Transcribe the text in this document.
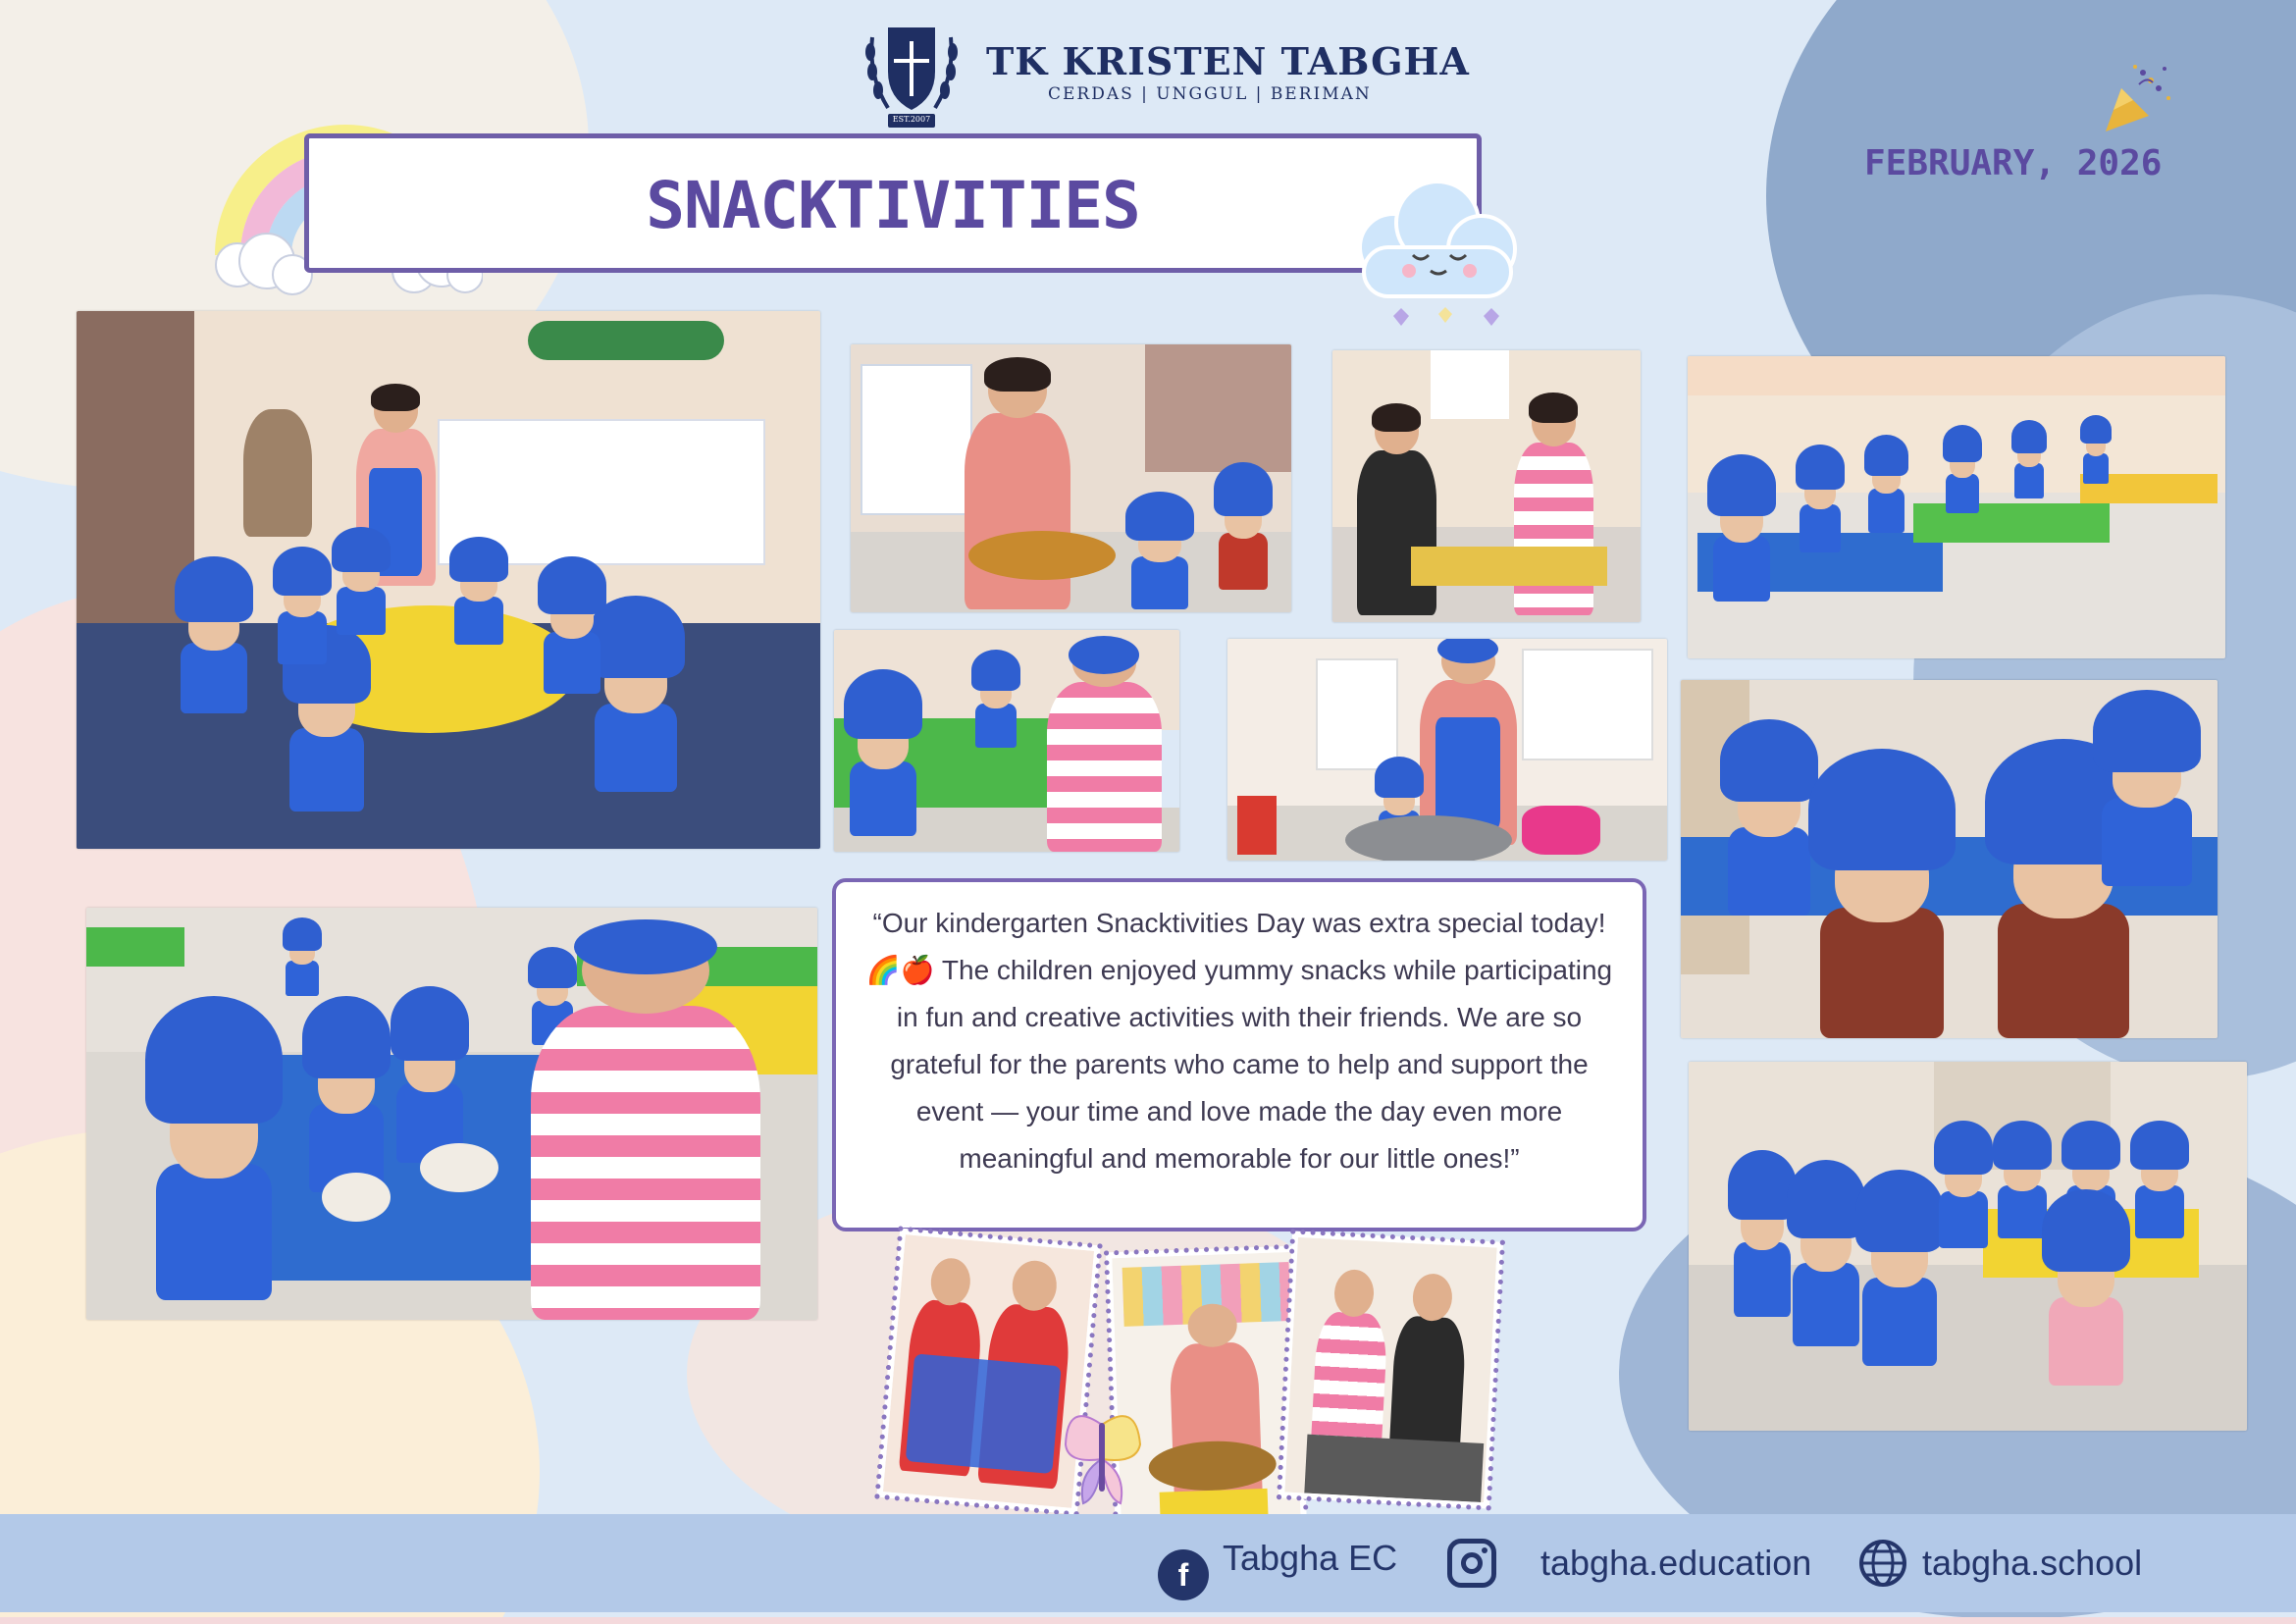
EST.2007
TK KRISTEN TABGHA
CERDAS | UNGGUL | BERIMAN
FEBRUARY, 2026
SNACKTIVITIES
“Our kindergarten Snacktivities Day was extra special today! 🌈🍎 The children enjoyed yummy snacks while participating in fun and creative activities with their friends. We are so grateful for the parents who came to help and support the event — your time and love made the day even more meaningful and memorable for our little ones!”
f Tabgha EC	tabgha.education	tabgha.school
